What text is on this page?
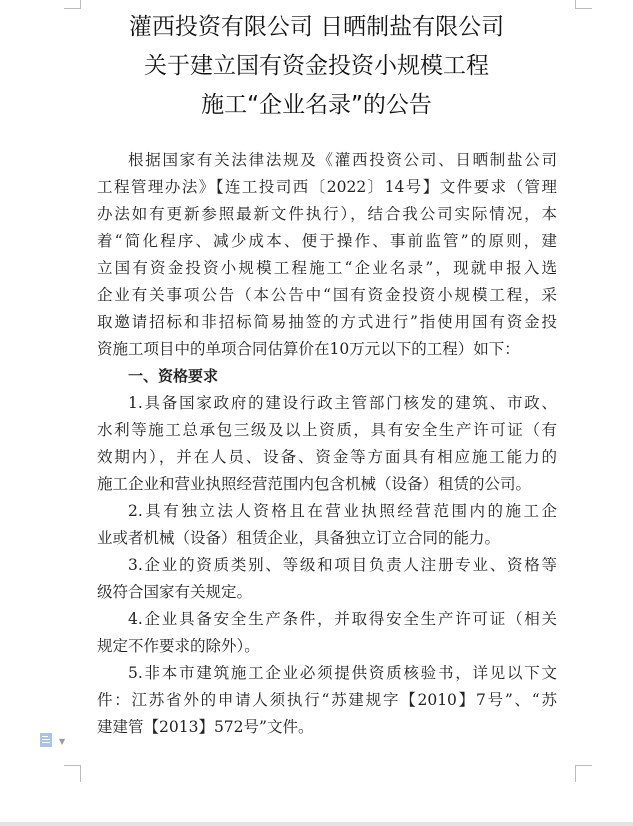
灌西投资有限公司 日晒制盐有限公司
关于建立国有资金投资小规模工程
施工“企业名录”的公告
根据国家有关法律法规及《灌西投资公司、日晒制盐公司
工程管理办法》【连工投司西〔2022〕14号】文件要求（管理
办法如有更新参照最新文件执行），结合我公司实际情况，本
着“简化程序、减少成本、便于操作、事前监管”的原则，建
立国有资金投资小规模工程施工“企业名录”，现就申报入选
企业有关事项公告（本公告中“国有资金投资小规模工程，采
取邀请招标和非招标简易抽签的方式进行”指使用国有资金投
资施工项目中的单项合同估算价在10万元以下的工程）如下：
一、资格要求
1.具备国家政府的建设行政主管部门核发的建筑、市政、
水利等施工总承包三级及以上资质，具有安全生产许可证（有
效期内），并在人员、设备、资金等方面具有相应施工能力的
施工企业和营业执照经营范围内包含机械（设备）租赁的公司。
2.具有独立法人资格且在营业执照经营范围内的施工企
业或者机械（设备）租赁企业，具备独立订立合同的能力。
3.企业的资质类别、等级和项目负责人注册专业、资格等
级符合国家有关规定。
4.企业具备安全生产条件，并取得安全生产许可证（相关
规定不作要求的除外）。
5.非本市建筑施工企业必须提供资质核验书，详见以下文
件：江苏省外的申请人须执行“苏建规字【2010】7号”、“苏
建建管【2013】572号”文件。
▼
